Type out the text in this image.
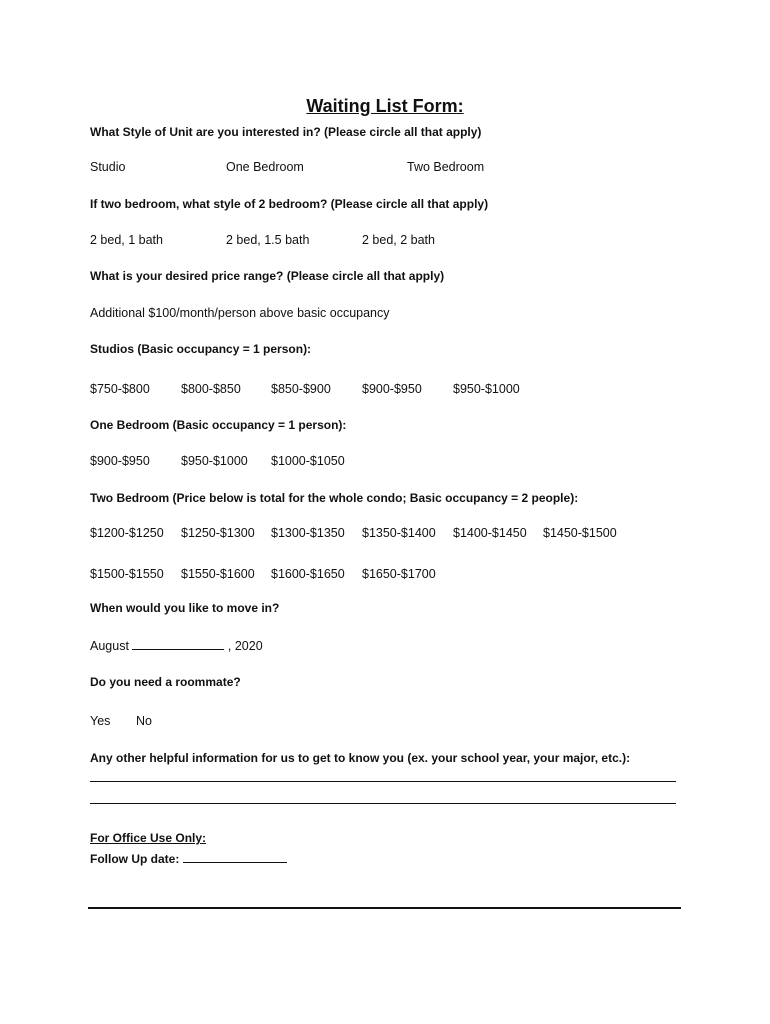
Waiting List Form:
What Style of Unit are you interested in? (Please circle all that apply)
Studio	One Bedroom	Two Bedroom
If two bedroom, what style of 2 bedroom? (Please circle all that apply)
2 bed, 1 bath	2 bed, 1.5 bath	2 bed, 2 bath
What is your desired price range? (Please circle all that apply)
Additional $100/month/person above basic occupancy
Studios (Basic occupancy = 1 person):
$750-$800 $800-$850 $850-$900 $900-$950 $950-$1000
One Bedroom (Basic occupancy = 1 person):
$900-$950 $950-$1000 $1000-$1050
Two Bedroom (Price below is total for the whole condo; Basic occupancy = 2 people):
$1200-$1250 $1250-$1300 $1300-$1350 $1350-$1400 $1400-$1450 $1450-$1500
$1500-$1550 $1550-$1600 $1600-$1650 $1650-$1700
When would you like to move in?
August	, 2020
Do you need a roommate?
Yes No
Any other helpful information for us to get to know you (ex. your school year, your major, etc.):
For Office Use Only:
Follow Up date:
